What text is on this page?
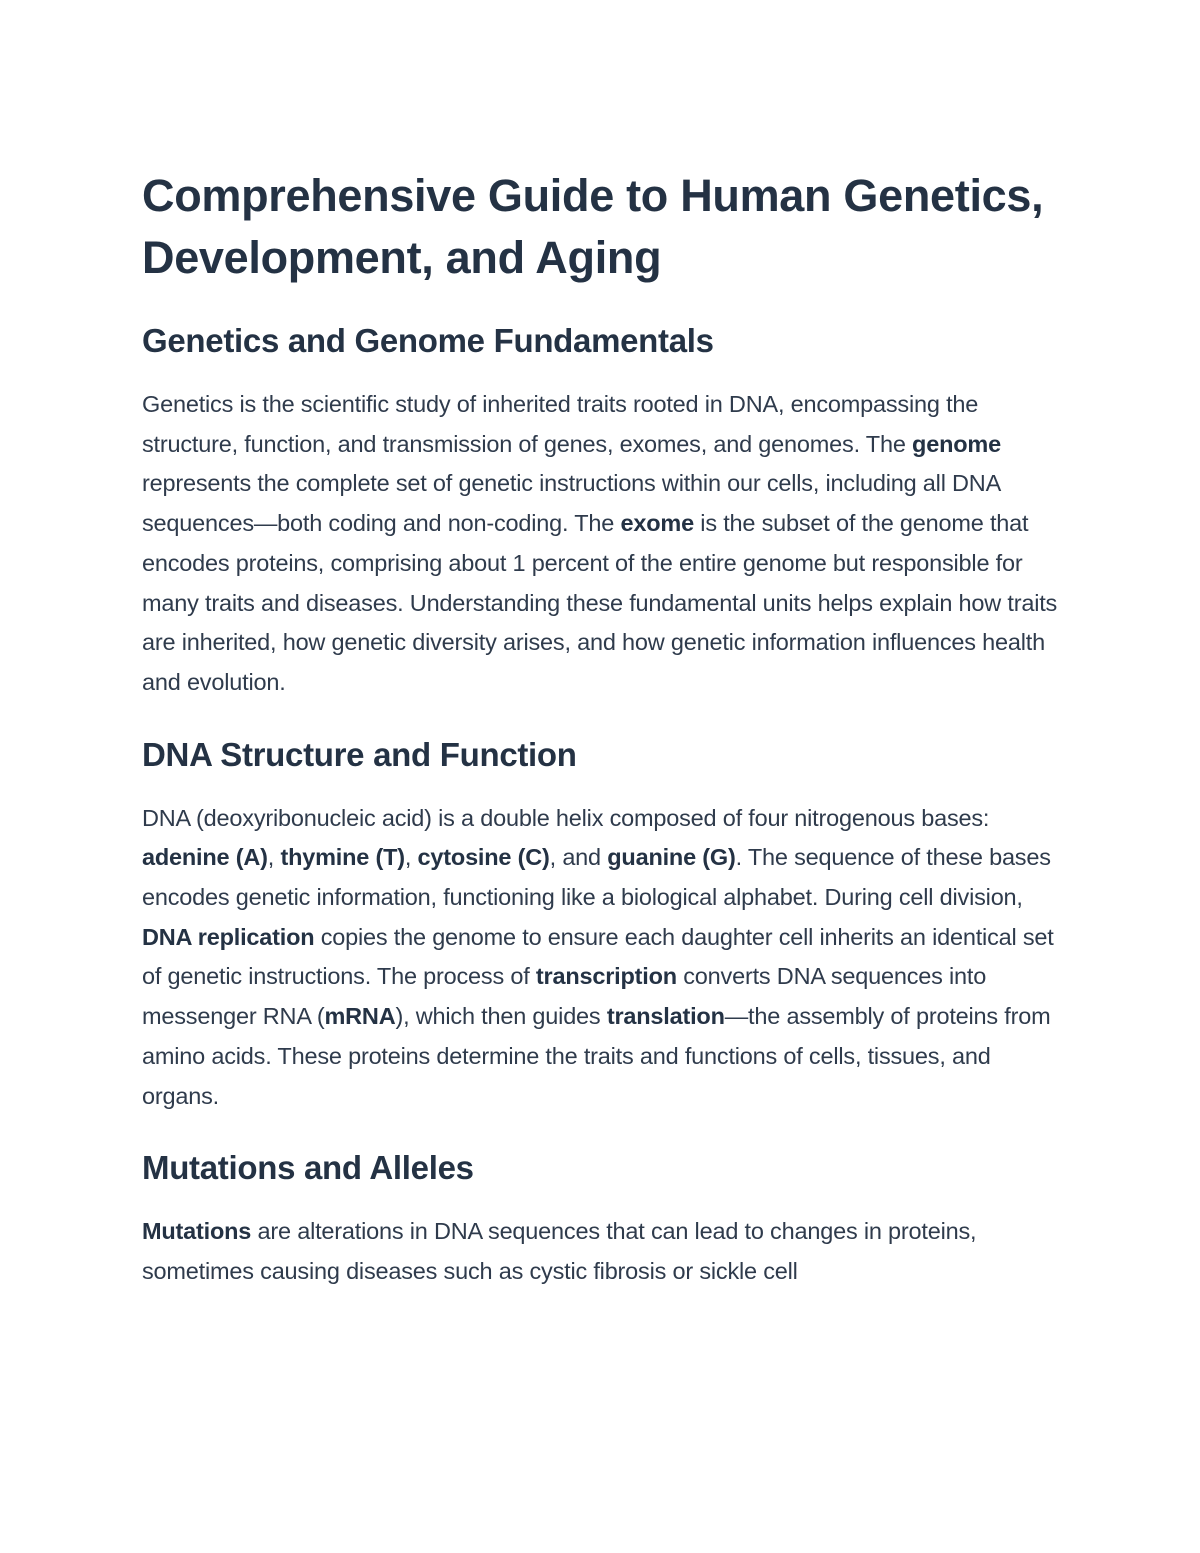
Comprehensive Guide to Human Genetics, Development, and Aging
Genetics and Genome Fundamentals

Genetics is the scientific study of inherited traits rooted in DNA, encompassing the structure, function, and transmission of genes, exomes, and genomes. The genome represents the complete set of genetic instructions within our cells, including all DNA sequences—both coding and non-coding. The exome is the subset of the genome that encodes proteins, comprising about 1 percent of the entire genome but responsible for many traits and diseases. Understanding these fundamental units helps explain how traits are inherited, how genetic diversity arises, and how genetic information influences health and evolution.

DNA Structure and Function

DNA (deoxyribonucleic acid) is a double helix composed of four nitrogenous bases: adenine (A), thymine (T), cytosine (C), and guanine (G). The sequence of these bases encodes genetic information, functioning like a biological alphabet. During cell division, DNA replication copies the genome to ensure each daughter cell inherits an identical set of genetic instructions. The process of transcription converts DNA sequences into messenger RNA (mRNA), which then guides translation—the assembly of proteins from amino acids. These proteins determine the traits and functions of cells, tissues, and organs.

Mutations and Alleles

Mutations are alterations in DNA sequences that can lead to changes in proteins, sometimes causing diseases such as cystic fibrosis or sickle cell
